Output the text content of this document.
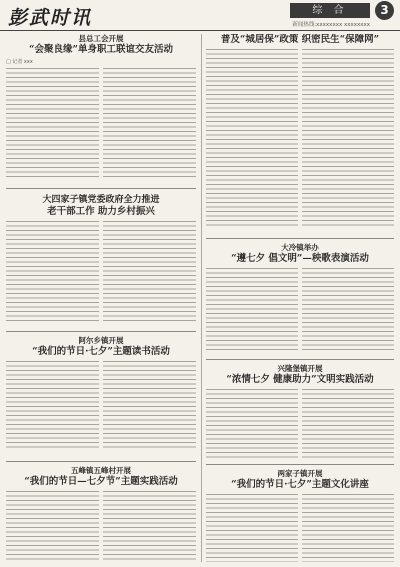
彭武时讯	综 合	3
新闻热线:xxxxxxxx xxxxxxxx
县总工会开展
“会聚良缘”单身职工联谊交友活动
□ 记者 xxx
大四家子镇党委政府全力推进
老干部工作 助力乡村振兴
阿尔乡镇开展
“我们的节日·七夕”主题读书活动
五峰镇五峰村开展
“我们的节日—七夕节”主题实践活动
普及“城居保”政策 织密民生“保障网”
大冷镇举办
“遵七夕 倡文明”—秧歌表演活动
兴隆堡镇开展
“浓情七夕 健康助力”文明实践活动
两家子镇开展
“我们的节日·七夕”主题文化讲座
